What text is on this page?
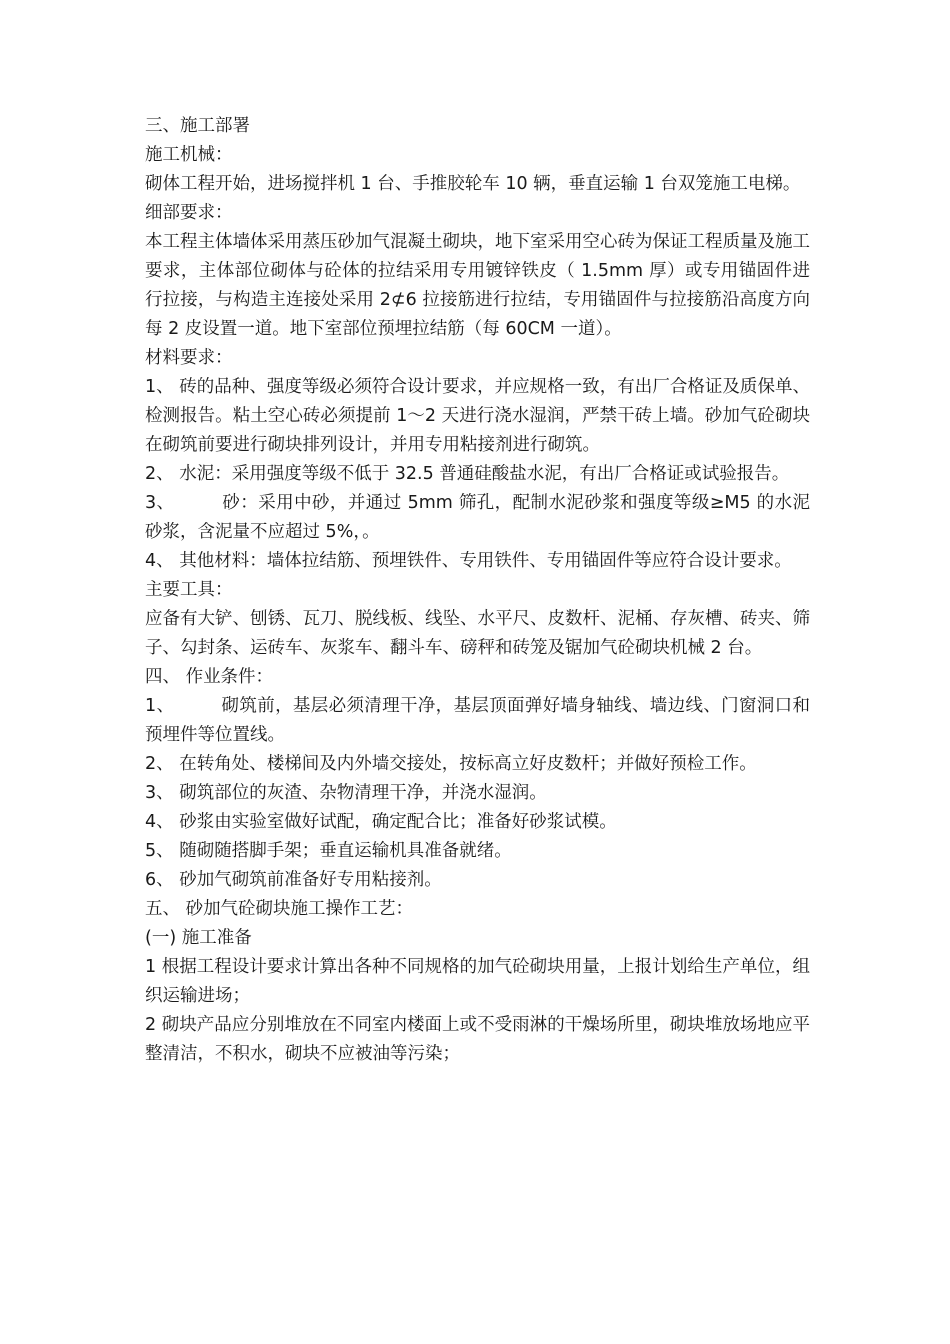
三、施工部署

施工机械：

砌体工程开始，进场搅拌机 1 台、手推胶轮车 10 辆，垂直运输 1 台双笼施工电梯。

细部要求：

本工程主体墙体采用蒸压砂加气混凝土砌块，地下室采用空心砖为保证工程质量及施工要求，主体部位砌体与砼体的拉结采用专用镀锌铁皮（ 1.5mm 厚）或专用锚固件进行拉接，与构造主连接处采用 2⊄6 拉接筋进行拉结，专用锚固件与拉接筋沿高度方向每 2 皮设置一道。地下室部位预埋拉结筋（每 60CM 一道）。

材料要求：

1、 砖的品种、强度等级必须符合设计要求，并应规格一致，有出厂合格证及质保单、检测报告。粘土空心砖必须提前 1～2 天进行浇水湿润，严禁干砖上墙。砂加气砼砌块在砌筑前要进行砌块排列设计，并用专用粘接剂进行砌筑。

2、 水泥：采用强度等级不低于 32.5 普通硅酸盐水泥，有出厂合格证或试验报告。

3、        砂：采用中砂，并通过 5mm 筛孔，配制水泥砂浆和强度等级≥M5 的水泥砂浆，含泥量不应超过 5%，。

4、 其他材料：墙体拉结筋、预埋铁件、专用铁件、专用锚固件等应符合设计要求。

主要工具：

应备有大铲、刨锈、瓦刀、脱线板、线坠、水平尺、皮数杆、泥桶、存灰槽、砖夹、筛子、勾封条、运砖车、灰浆车、翻斗车、磅秤和砖笼及锯加气砼砌块机械 2 台。

四、 作业条件：

1、        砌筑前，基层必须清理干净，基层顶面弹好墙身轴线、墙边线、门窗洞口和预埋件等位置线。

2、 在转角处、楼梯间及内外墙交接处，按标高立好皮数杆；并做好预检工作。

3、 砌筑部位的灰渣、杂物清理干净，并浇水湿润。

4、 砂浆由实验室做好试配，确定配合比；准备好砂浆试模。

5、 随砌随搭脚手架；垂直运输机具准备就绪。

6、 砂加气砌筑前准备好专用粘接剂。

五、 砂加气砼砌块施工操作工艺：

(一) 施工准备

1 根据工程设计要求计算出各种不同规格的加气砼砌块用量，上报计划给生产单位，组织运输进场；

2 砌块产品应分别堆放在不同室内楼面上或不受雨淋的干燥场所里，砌块堆放场地应平整清洁，不积水，砌块不应被油等污染；
